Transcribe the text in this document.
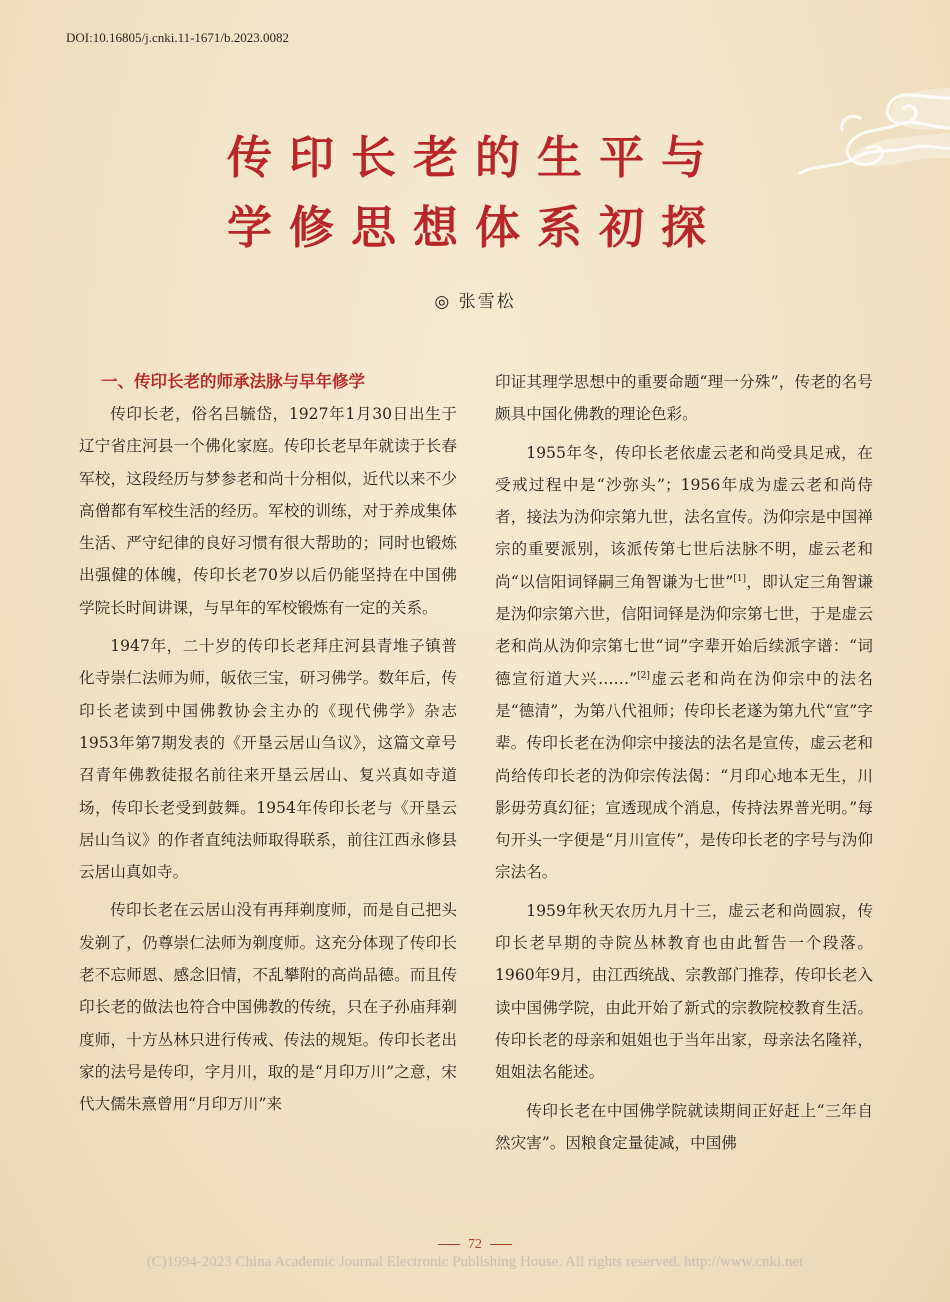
DOI:10.16805/j.cnki.11-1671/b.2023.0082
传印长老的生平与
学修思想体系初探
◎ 张雪松
一、传印长老的师承法脉与早年修学

传印长老，俗名吕毓岱，1927年1月30日出生于辽宁省庄河县一个佛化家庭。传印长老早年就读于长春军校，这段经历与梦参老和尚十分相似，近代以来不少高僧都有军校生活的经历。军校的训练，对于养成集体生活、严守纪律的良好习惯有很大帮助的；同时也锻炼出强健的体魄，传印长老70岁以后仍能坚持在中国佛学院长时间讲课，与早年的军校锻炼有一定的关系。

1947年，二十岁的传印长老拜庄河县青堆子镇普化寺崇仁法师为师，皈依三宝，研习佛学。数年后，传印长老读到中国佛教协会主办的《现代佛学》杂志1953年第7期发表的《开垦云居山刍议》，这篇文章号召青年佛教徒报名前往来开垦云居山、复兴真如寺道场，传印长老受到鼓舞。1954年传印长老与《开垦云居山刍议》的作者直纯法师取得联系，前往江西永修县云居山真如寺。

传印长老在云居山没有再拜剃度师，而是自己把头发剃了，仍尊崇仁法师为剃度师。这充分体现了传印长老不忘师恩、感念旧情，不乱攀附的高尚品德。而且传印长老的做法也符合中国佛教的传统，只在子孙庙拜剃度师，十方丛林只进行传戒、传法的规矩。传印长老出家的法号是传印，字月川，取的是“月印万川”之意，宋代大儒朱熹曾用“月印万川”来

印证其理学思想中的重要命题“理一分殊”，传老的名号颇具中国化佛教的理论色彩。

1955年冬，传印长老依虚云老和尚受具足戒，在受戒过程中是“沙弥头”；1956年成为虚云老和尚侍者，接法为沩仰宗第九世，法名宣传。沩仰宗是中国禅宗的重要派别，该派传第七世后法脉不明，虚云老和尚“以信阳词铎嗣三角智谦为七世”[1]，即认定三角智谦是沩仰宗第六世，信阳词铎是沩仰宗第七世，于是虚云老和尚从沩仰宗第七世“词”字辈开始后续派字谱：“词德宣衍道大兴……”[2]虚云老和尚在沩仰宗中的法名是“德清”，为第八代祖师；传印长老遂为第九代“宣”字辈。传印长老在沩仰宗中接法的法名是宣传，虚云老和尚给传印长老的沩仰宗传法偈：“月印心地本无生，川影毋劳真幻征；宣透现成个消息，传持法界普光明。”每句开头一字便是“月川宣传”，是传印长老的字号与沩仰宗法名。

1959年秋天农历九月十三，虚云老和尚圆寂，传印长老早期的寺院丛林教育也由此暂告一个段落。1960年9月，由江西统战、宗教部门推荐，传印长老入读中国佛学院，由此开始了新式的宗教院校教育生活。传印长老的母亲和姐姐也于当年出家，母亲法名隆祥，姐姐法名能述。

传印长老在中国佛学院就读期间正好赶上“三年自然灾害”。因粮食定量徒减，中国佛

72
(C)1994-2023 China Academic Journal Electronic Publishing House. All rights reserved. http://www.cnki.net
